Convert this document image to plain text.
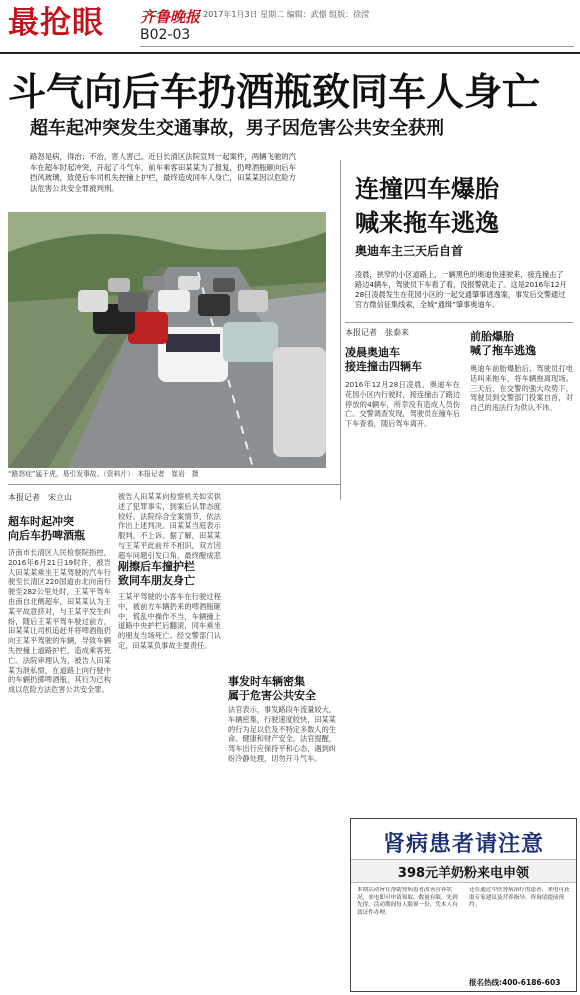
最抢眼 齐鲁晚报 2017年1月3日 星期二 编辑：武憬 组版：徐滢
B02-03
斗气向后车扔酒瓶致同车人身亡
超车起冲突发生交通事故，男子因危害公共安全获刑
路怒是病，得治；不治，害人害己。近日长清区法院宣判一起案件，两辆飞驰的汽车在超车时起冲突，开起了斗气车，前车乘客田某某为了报复，扔啤酒瓶砸向后车挡风玻璃，致使后车司机失控撞上护栏，最终造成同车人身亡，田某某因以危险方法危害公共安全罪被判刑。
“路怒症”猛于虎，易引发事故。（资料片）　本报记者　崔岩　摄
连撞四车爆胎
喊来拖车逃逸
奥迪车主三天后自首
凌晨，狭窄的小区道路上，一辆黑色的奥迪快速驶来，接连撞击了路边4辆车，驾驶员下车看了看，没报警就走了。这是2016年12月28日凌晨发生在花园小区的一起交通肇事逃逸案，事发后交警通过官方微信征集线索，全城“通缉”肇事奥迪车。
本报记者　张泰来
凌晨奥迪车
接连撞击四辆车
前胎爆胎
喊了拖车逃逸
2016年12月28日凌晨，奥迪车在花园小区内行驶时，接连撞击了路边停放的4辆车，所幸没有造成人员伤亡。交警调查发现，驾驶员在撞车后下车查看，随后驾车离开。
奥迪车前胎爆胎后，驾驶员打电话叫来拖车，将车辆拖离现场。三天后，在交警的强大攻势下，驾驶员到交警部门投案自首，对自己的违法行为供认不讳。
本报记者　宋立山
超车时起冲突
向后车扔啤酒瓶
济南市长清区人民检察院指控，2016年6月21日19时许，被告人田某某乘坐王某驾驶的汽车行驶至长清区220国道由北向南行驶至282公里处时，王某平驾车由南自北侧超车，田某某认为王某平故意挤对，与王某平发生纠纷，随后王某平驾车驶过前方，田某某让司机追赶并将啤酒瓶扔向王某平驾驶的车辆，导致车辆失控撞上道路护栏，造成乘客死亡。法院审理认为，被告人田某某为泄私愤，在道路上向行驶中的车辆扔掷啤酒瓶，其行为已构成以危险方法危害公共安全罪。
被告人田某某向检察机关如实供述了犯罪事实，到案后认罪态度较好。法院综合全案情节，依法作出上述判决。田某某当庭表示服判，不上诉。据了解，田某某与王某平此前并不相识，双方因超车问题引发口角，最终酿成悲
剐擦后车撞护栏
致同车朋友身亡
王某平驾驶的小客车在行驶过程中，被前方车辆扔来的啤酒瓶砸中，慌乱中操作不当，车辆撞上道路中央护栏后翻滚，同车乘坐的朋友当场死亡。经交警部门认定，田某某负事故主要责任。
事发时车辆密集
属于危害公共安全
法官表示，事发路段车流量较大，车辆密集，行驶速度较快，田某某的行为足以危及不特定多数人的生命、健康和财产安全。法官提醒，驾车出行应保持平和心态，遇到纠纷冷静处理，切勿开斗气车。
肾病患者请注意
398元羊奶粉来电申领
本期活动旨在帮助肾病患者改善营养状况，来电即可申请领取，数量有限，先到先得。活动期间每人限领一份，凭本人有效证件办理。
还在通过中医肾病治疗的患者，来电可获取专家建议及营养指导。咨询请提前预约。
报名热线:400-6186-603
